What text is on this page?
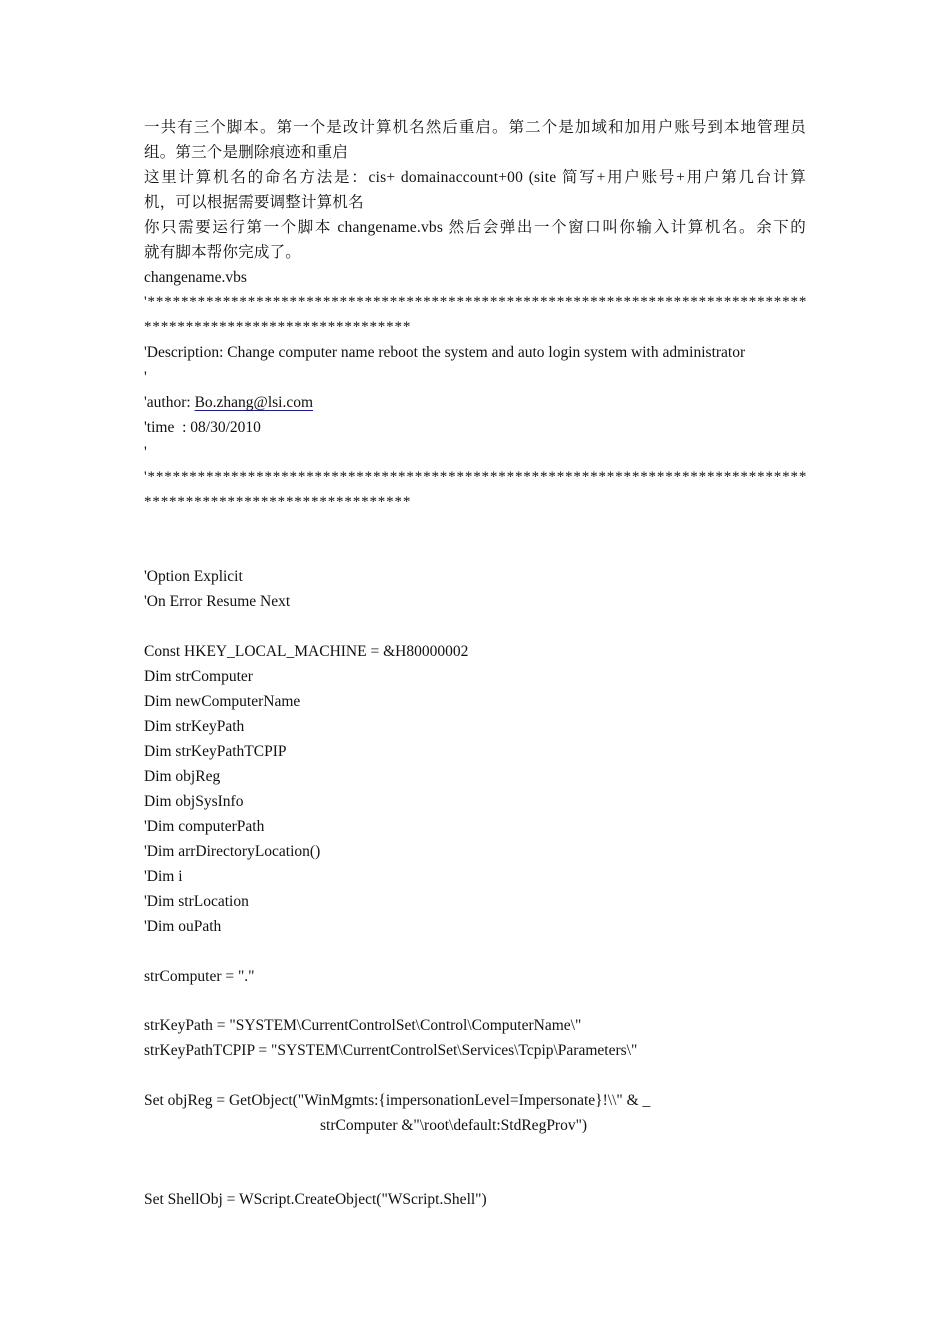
一共有三个脚本。第一个是改计算机名然后重启。第二个是加域和加用户账号到本地管理员
组。第三个是删除痕迹和重启
这里计算机名的命名方法是：cis+ domainaccount+00 (site 简写+用户账号+用户第几台计算
机，可以根据需要调整计算机名
你只需要运行第一个脚本 changename.vbs 然后会弹出一个窗口叫你输入计算机名。余下的
就有脚本帮你完成了。
changename.vbs
'*******************************************************************************
********************************
'Description: Change computer name reboot the system and auto login system with administrator
'
'author: Bo.zhang@lsi.com
'time  : 08/30/2010
'
'*******************************************************************************
********************************
'Option Explicit
'On Error Resume Next
Const HKEY_LOCAL_MACHINE = &H80000002
Dim strComputer
Dim newComputerName
Dim strKeyPath
Dim strKeyPathTCPIP
Dim objReg
Dim objSysInfo
'Dim computerPath
'Dim arrDirectoryLocation()
'Dim i
'Dim strLocation
'Dim ouPath
strComputer = "."
strKeyPath = "SYSTEM\CurrentControlSet\Control\ComputerName\"
strKeyPathTCPIP = "SYSTEM\CurrentControlSet\Services\Tcpip\Parameters\"
Set objReg = GetObject("WinMgmts:{impersonationLevel=Impersonate}!\\" & _
strComputer &"\root\default:StdRegProv")
Set ShellObj = WScript.CreateObject("WScript.Shell")
